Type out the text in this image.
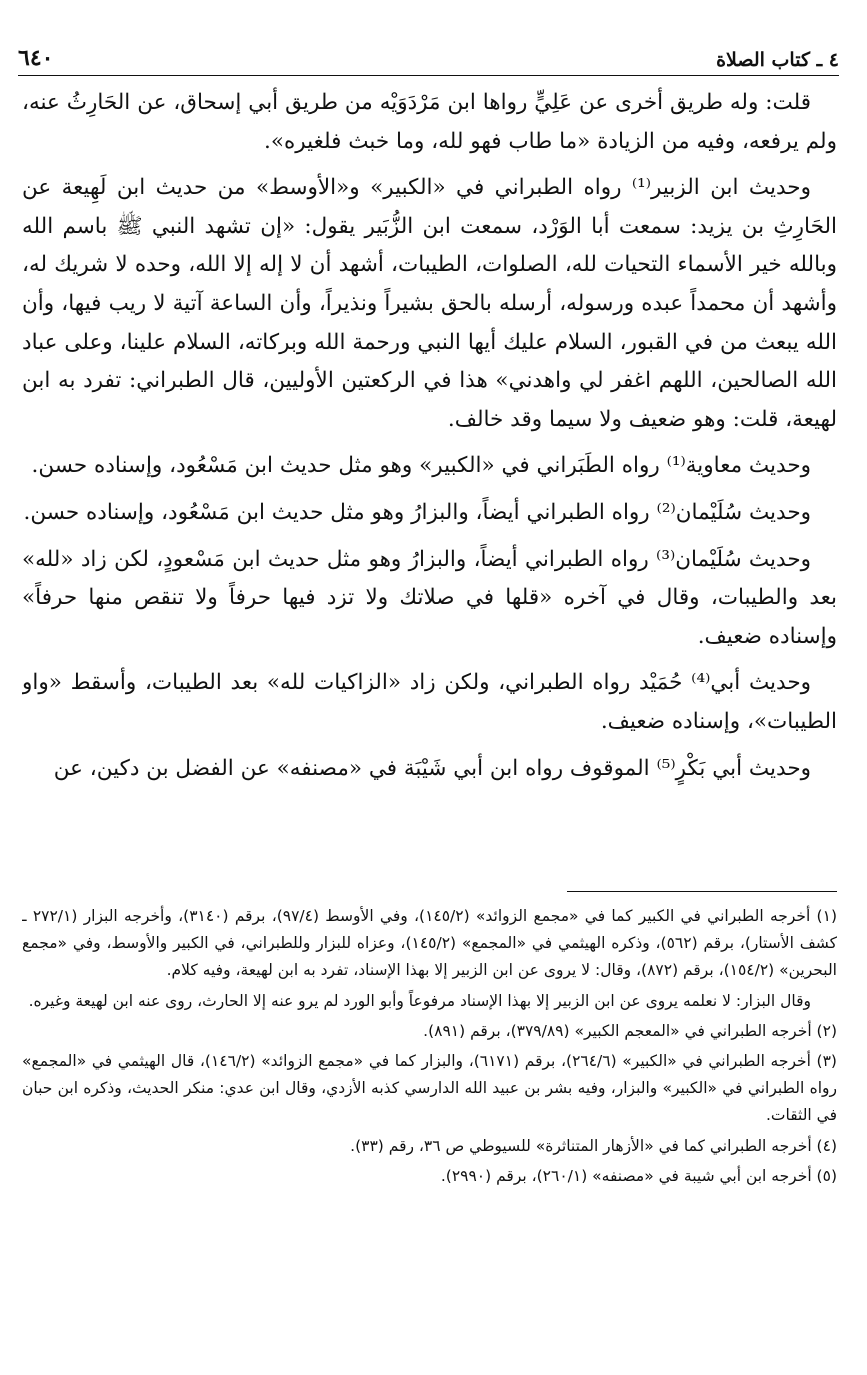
٦٤٠	٤ ـ كتاب الصلاة

قلت: وله طريق أخرى عن عَلِيٍّ رواها ابن مَرْدَوَيْه من طريق أبي إسحاق، عن الحَارِثُ عنه، ولم يرفعه، وفيه من الزيادة «ما طاب فهو لله، وما خبث فلغيره».

وحديث ابن الزبير⁽¹⁾ رواه الطبراني في «الكبير» و«الأوسط» من حديث ابن لَهِيعة عن الحَارِثِ بن يزيد: سمعت أبا الوَرْد، سمعت ابن الزُّبَير يقول: «إن تشهد النبي ﷺ باسم الله وبالله خير الأسماء التحيات لله، الصلوات، الطيبات، أشهد أن لا إله إلا الله، وحده لا شريك له، وأشهد أن محمداً عبده ورسوله، أرسله بالحق بشيراً ونذيراً، وأن الساعة آتية لا ريب فيها، وأن الله يبعث من في القبور، السلام عليك أيها النبي ورحمة الله وبركاته، السلام علينا، وعلى عباد الله الصالحين، اللهم اغفر لي واهدني» هذا في الركعتين الأوليين، قال الطبراني: تفرد به ابن لهيعة، قلت: وهو ضعيف ولا سيما وقد خالف.

وحديث معاوية⁽¹⁾ رواه الطَبَراني في «الكبير» وهو مثل حديث ابن مَسْعُود، وإسناده حسن.

وحديث سُلَيْمان⁽²⁾ رواه الطبراني أيضاً، والبزارُ وهو مثل حديث ابن مَسْعُود، وإسناده حسن.

وحديث سُلَيْمان⁽³⁾ رواه الطبراني أيضاً، والبزارُ وهو مثل حديث ابن مَسْعودٍ، لكن زاد «لله» بعد والطيبات، وقال في آخره «قلها في صلاتك ولا تزد فيها حرفاً ولا تنقص منها حرفاً» وإسناده ضعيف.

وحديث أبي⁽⁴⁾ حُمَيْد رواه الطبراني، ولكن زاد «الزاكيات لله» بعد الطيبات، وأسقط «واو الطيبات»، وإسناده ضعيف.

وحديث أبي بَكْرٍ⁽⁵⁾ الموقوف رواه ابن أبي شَيْبَة في «مصنفه» عن الفضل بن دكين، عن

(١) أخرجه الطبراني في الكبير كما في «مجمع الزوائد» (١٤٥/٢)، وفي الأوسط (٩٧/٤)، برقم (٣١٤٠)، وأخرجه البزار (٢٧٢/١ ـ كشف الأستار)، برقم (٥٦٢)، وذكره الهيثمي في «المجمع» (١٤٥/٢)، وعزاه للبزار وللطبراني، في الكبير والأوسط، وفي «مجمع البحرين» (١٥٤/٢)، برقم (٨٧٢)، وقال: لا يروى عن ابن الزبير إلا بهذا الإسناد، تفرد به ابن لهيعة، وفيه كلام.

وقال البزار: لا نعلمه يروى عن ابن الزبير إلا بهذا الإسناد مرفوعاً وأبو الورد لم يرو عنه إلا الحارث، روى عنه ابن لهيعة وغيره.

(٢) أخرجه الطبراني في «المعجم الكبير» (٣٧٩/٨٩)، برقم (٨٩١).

(٣) أخرجه الطبراني في «الكبير» (٢٦٤/٦)، برقم (٦١٧١)، والبزار كما في «مجمع الزوائد» (١٤٦/٢)، قال الهيثمي في «المجمع» رواه الطبراني في «الكبير» والبزار، وفيه بشر بن عبيد الله الدارسي كذبه الأزدي، وقال ابن عدي: منكر الحديث، وذكره ابن حبان في الثقات.

(٤) أخرجه الطبراني كما في «الأزهار المتناثرة» للسيوطي ص ٣٦، رقم (٣٣).

(٥) أخرجه ابن أبي شيبة في «مصنفه» (٢٦٠/١)، برقم (٢٩٩٠).
